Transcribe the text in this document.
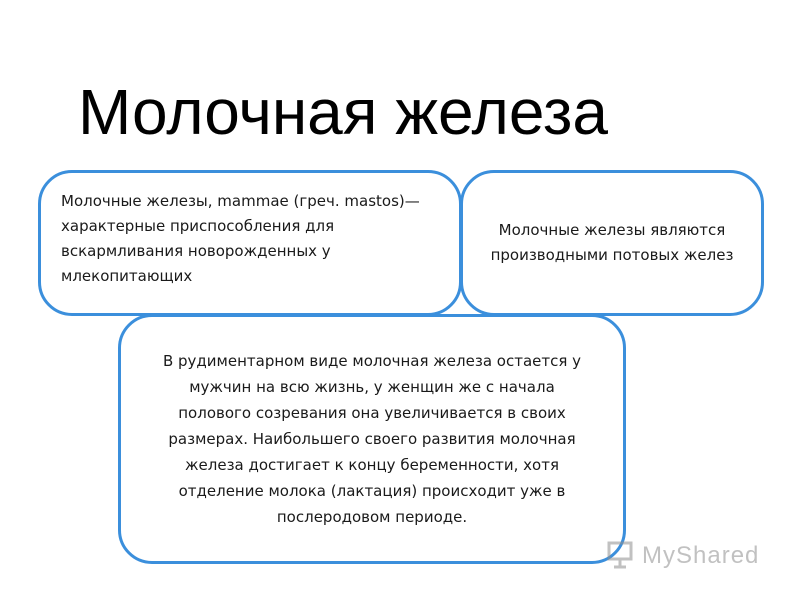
Молочная железа

Молочные железы, mammae (греч. mastos)— характерные приспособления для вскармливания новорожденных у млекопитающих

Молочные железы являются производными потовых желез

В рудиментарном виде молочная железа остается у мужчин на всю жизнь, у женщин же с начала полового созревания она увеличивается в своих размерах. Наибольшего своего развития молочная железа достигает к концу беременности, хотя отделение молока (лактация) происходит уже в послеродовом периоде.

MyShared
